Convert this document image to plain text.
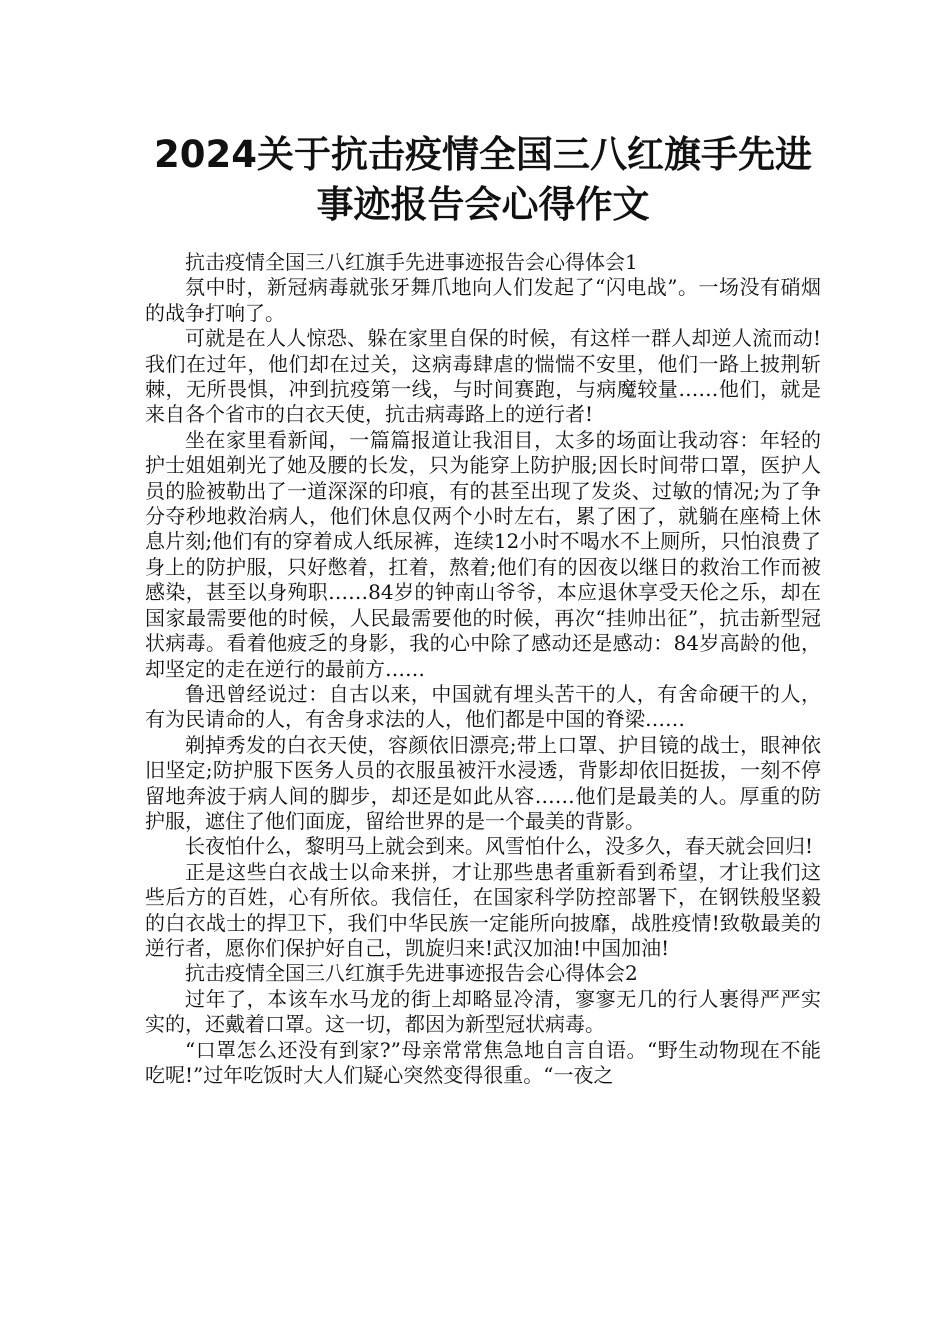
2024关于抗击疫情全国三八红旗手先进事迹报告会心得作文

抗击疫情全国三八红旗手先进事迹报告会心得体会1

氛中时，新冠病毒就张牙舞爪地向人们发起了“闪电战”。一场没有硝烟的战争打响了。

可就是在人人惊恐、躲在家里自保的时候，有这样一群人却逆人流而动!我们在过年，他们却在过关，这病毒肆虐的惴惴不安里，他们一路上披荆斩棘，无所畏惧，冲到抗疫第一线，与时间赛跑，与病魔较量……他们，就是来自各个省市的白衣天使，抗击病毒路上的逆行者!

坐在家里看新闻，一篇篇报道让我泪目，太多的场面让我动容：年轻的护士姐姐剃光了她及腰的长发，只为能穿上防护服;因长时间带口罩，医护人员的脸被勒出了一道深深的印痕，有的甚至出现了发炎、过敏的情况;为了争分夺秒地救治病人，他们休息仅两个小时左右，累了困了，就躺在座椅上休息片刻;他们有的穿着成人纸尿裤，连续12小时不喝水不上厕所，只怕浪费了身上的防护服，只好憋着，扛着，熬着;他们有的因夜以继日的救治工作而被感染，甚至以身殉职……84岁的钟南山爷爷，本应退休享受天伦之乐，却在国家最需要他的时候，人民最需要他的时候，再次“挂帅出征”，抗击新型冠状病毒。看着他疲乏的身影，我的心中除了感动还是感动：84岁高龄的他，却坚定的走在逆行的最前方……

鲁迅曾经说过：自古以来，中国就有埋头苦干的人，有舍命硬干的人，有为民请命的人，有舍身求法的人，他们都是中国的脊梁……

剃掉秀发的白衣天使，容颜依旧漂亮;带上口罩、护目镜的战士，眼神依旧坚定;防护服下医务人员的衣服虽被汗水浸透，背影却依旧挺拔，一刻不停留地奔波于病人间的脚步，却还是如此从容……他们是最美的人。厚重的防护服，遮住了他们面庞，留给世界的是一个最美的背影。

长夜怕什么，黎明马上就会到来。风雪怕什么，没多久，春天就会回归!

正是这些白衣战士以命来拼，才让那些患者重新看到希望，才让我们这些后方的百姓，心有所依。我信任，在国家科学防控部署下，在钢铁般坚毅的白衣战士的捍卫下，我们中华民族一定能所向披靡，战胜疫情!致敬最美的逆行者，愿你们保护好自己，凯旋归来!武汉加油!中国加油!

抗击疫情全国三八红旗手先进事迹报告会心得体会2

过年了，本该车水马龙的街上却略显冷清，寥寥无几的行人裹得严严实实的，还戴着口罩。这一切，都因为新型冠状病毒。

“口罩怎么还没有到家?”母亲常常焦急地自言自语。“野生动物现在不能吃呢!”过年吃饭时大人们疑心突然变得很重。“一夜之
